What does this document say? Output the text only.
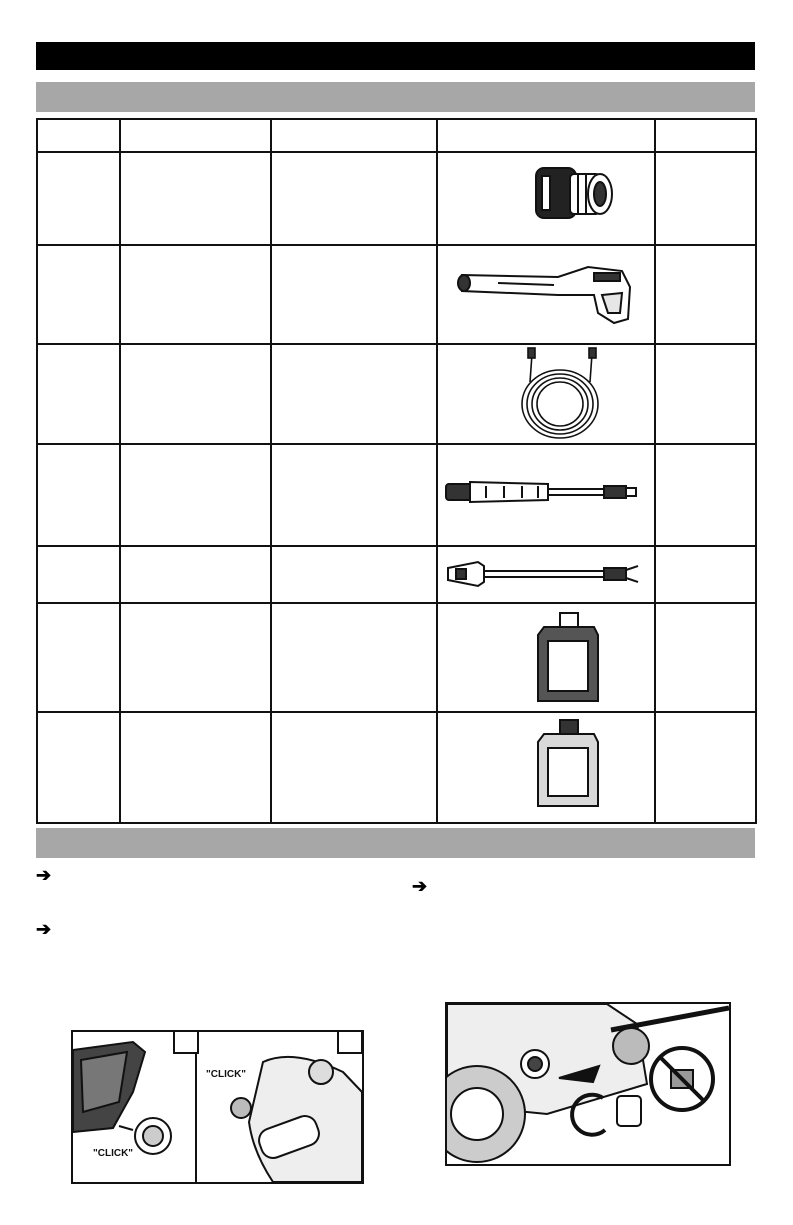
➔
➔
➔
"CLICK"
"CLICK"
